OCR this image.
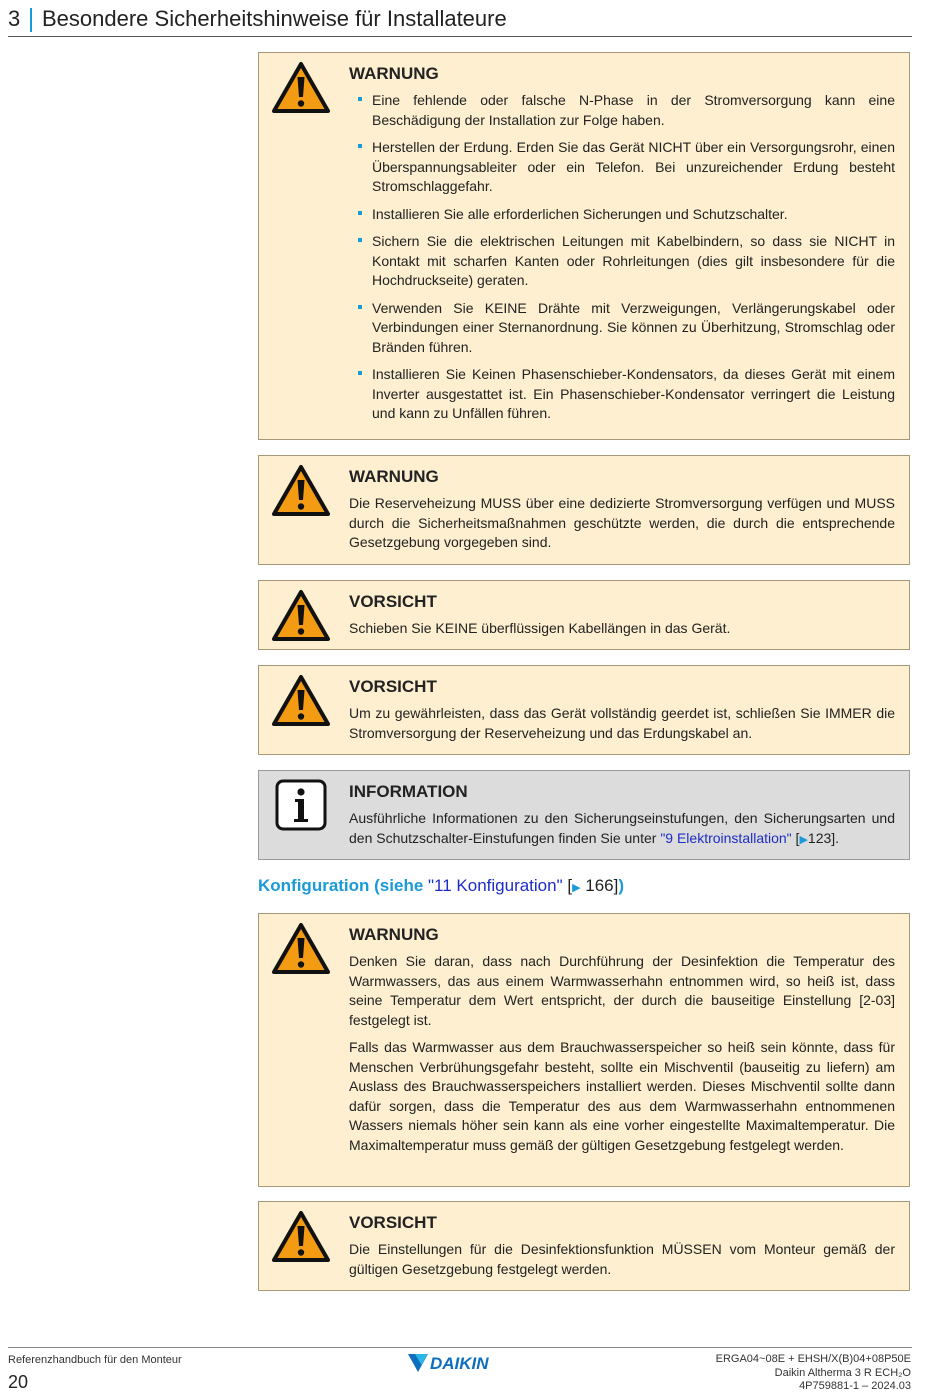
3 Besondere Sicherheitshinweise für Installateure
WARNUNG
Eine fehlende oder falsche N-Phase in der Stromversorgung kann eine Beschädigung der Installation zur Folge haben.
Herstellen der Erdung. Erden Sie das Gerät NICHT über ein Versorgungsrohr, einen Überspannungsableiter oder ein Telefon. Bei unzureichender Erdung besteht Stromschlaggefahr.
Installieren Sie alle erforderlichen Sicherungen und Schutzschalter.
Sichern Sie die elektrischen Leitungen mit Kabelbindern, so dass sie NICHT in Kontakt mit scharfen Kanten oder Rohrleitungen (dies gilt insbesondere für die Hochdruckseite) geraten.
Verwenden Sie KEINE Drähte mit Verzweigungen, Verlängerungskabel oder Verbindungen einer Sternanordnung. Sie können zu Überhitzung, Stromschlag oder Bränden führen.
Installieren Sie Keinen Phasenschieber-Kondensators, da dieses Gerät mit einem Inverter ausgestattet ist. Ein Phasenschieber-Kondensator verringert die Leistung und kann zu Unfällen führen.
WARNUNG

Die Reserveheizung MUSS über eine dedizierte Stromversorgung verfügen und MUSS durch die Sicherheitsmaßnahmen geschützte werden, die durch die entsprechende Gesetzgebung vorgegeben sind.

VORSICHT

Schieben Sie KEINE überflüssigen Kabellängen in das Gerät.

VORSICHT

Um zu gewährleisten, dass das Gerät vollständig geerdet ist, schließen Sie IMMER die Stromversorgung der Reserveheizung und das Erdungskabel an.

INFORMATION

Ausführliche Informationen zu den Sicherungseinstufungen, den Sicherungsarten und den Schutzschalter-Einstufungen finden Sie unter "9 Elektroinstallation" [▶123].

Konfiguration (siehe "11 Konfiguration" [▶ 166])
WARNUNG

Denken Sie daran, dass nach Durchführung der Desinfektion die Temperatur des Warmwassers, das aus einem Warmwasserhahn entnommen wird, so heiß ist, dass seine Temperatur dem Wert entspricht, der durch die bauseitige Einstellung [2-03] festgelegt ist.

Falls das Warmwasser aus dem Brauchwasserspeicher so heiß sein könnte, dass für Menschen Verbrühungsgefahr besteht, sollte ein Mischventil (bauseitig zu liefern) am Auslass des Brauchwasserspeichers installiert werden. Dieses Mischventil sollte dann dafür sorgen, dass die Temperatur des aus dem Warmwasserhahn entnommenen Wassers niemals höher sein kann als eine vorher eingestellte Maximaltemperatur. Die Maximaltemperatur muss gemäß der gültigen Gesetzgebung festgelegt werden.

VORSICHT

Die Einstellungen für die Desinfektionsfunktion MÜSSEN vom Monteur gemäß der gültigen Gesetzgebung festgelegt werden.

Referenzhandbuch für den Monteur
20
DAIKIN	ERGA04~08E + EHSH/X(B)04+08P50E
Daikin Altherma 3 R ECH₂O
4P759881-1 – 2024.03
